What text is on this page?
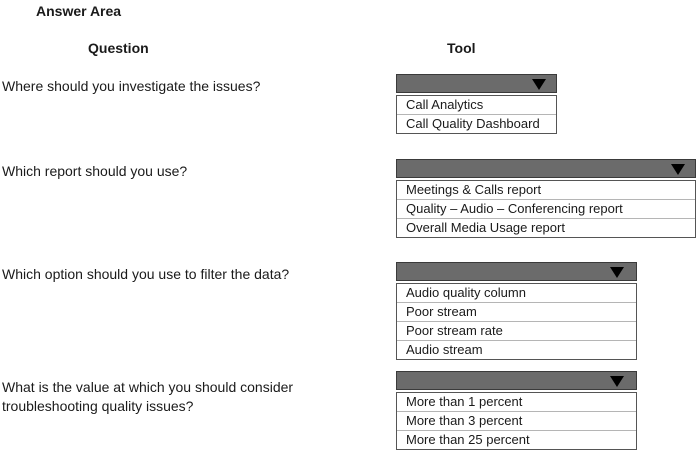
Answer Area
Question	Tool
Where should you investigate the issues?
Call Analytics
Call Quality Dashboard
Which report should you use?
Meetings & Calls report
Quality – Audio – Conferencing report
Overall Media Usage report
Which option should you use to filter the data?
Audio quality column
Poor stream
Poor stream rate
Audio stream
What is the value at which you should consider
troubleshooting quality issues?	More than 1 percent
More than 3 percent
More than 25 percent
